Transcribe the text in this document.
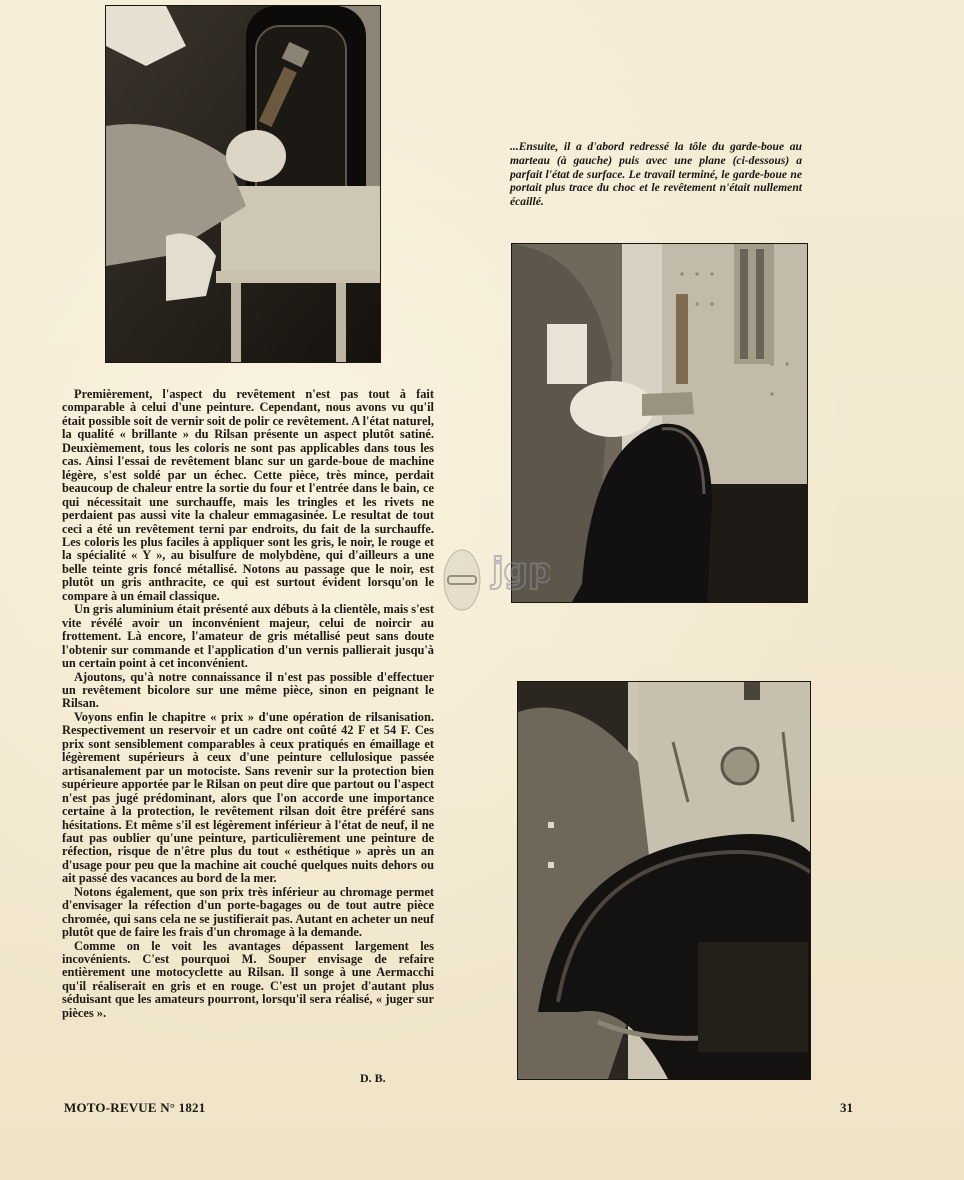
...Ensuite, il a d'abord redressé la tôle du garde-boue au marteau (à gauche) puis avec une plane (ci-dessous) a parfait l'état de surface. Le travail terminé, le garde-boue ne portait plus trace du choc et le revêtement n'était nullement écaillé.
jgp

Premièrement, l'aspect du revêtement n'est pas tout à fait comparable à celui d'une peinture. Cependant, nous avons vu qu'il était possible soit de vernir soit de polir ce revêtement. A l'état naturel, la qualité « brillante » du Rilsan présente un aspect plutôt satiné. Deuxièmement, tous les coloris ne sont pas applicables dans tous les cas. Ainsi l'essai de revêtement blanc sur un garde-boue de machine légère, s'est soldé par un échec. Cette pièce, très mince, perdait beaucoup de chaleur entre la sortie du four et l'entrée dans le bain, ce qui nécessitait une surchauffe, mais les tringles et les rivets ne perdaient pas aussi vite la chaleur emmagasinée. Le resultat de tout ceci a été un revêtement terni par endroits, du fait de la surchauffe. Les coloris les plus faciles à appliquer sont les gris, le noir, le rouge et la spécialité « Y », au bisulfure de molybdène, qui d'ailleurs a une belle teinte gris foncé métallisé. Notons au passage que le noir, est plutôt un gris anthracite, ce qui est surtout évident lorsqu'on le compare à un émail classique.

Un gris aluminium était présenté aux débuts à la clientèle, mais s'est vite révélé avoir un inconvénient majeur, celui de noircir au frottement. Là encore, l'amateur de gris métallisé peut sans doute l'obtenir sur commande et l'application d'un vernis pallierait jusqu'à un certain point à cet inconvénient.

Ajoutons, qu'à notre connaissance il n'est pas possible d'effectuer un revêtement bicolore sur une même pièce, sinon en peignant le Rilsan.

Voyons enfin le chapitre « prix » d'une opération de rilsanisation. Respectivement un reservoir et un cadre ont coûté 42 F et 54 F. Ces prix sont sensiblement comparables à ceux pratiqués en émaillage et légèrement supérieurs à ceux d'une peinture cellulosique passée artisanalement par un motociste. Sans revenir sur la protection bien supérieure apportée par le Rilsan on peut dire que partout ou l'aspect n'est pas jugé prédominant, alors que l'on accorde une importance certaine à la protection, le revêtement rilsan doit être préféré sans hésitations. Et même s'il est légèrement inférieur à l'état de neuf, il ne faut pas oublier qu'une peinture, particulièrement une peinture de réfection, risque de n'être plus du tout « esthétique » après un an d'usage pour peu que la machine ait couché quelques nuits dehors ou ait passé des vacances au bord de la mer.

Notons également, que son prix très inférieur au chromage permet d'envisager la réfection d'un porte-bagages ou de tout autre pièce chromée, qui sans cela ne se justifierait pas. Autant en acheter un neuf plutôt que de faire les frais d'un chromage à la demande.

Comme on le voit les avantages dépassent largement les incovénients. C'est pourquoi M. Souper envisage de refaire entièrement une motocyclette au Rilsan. Il songe à une Aermacchi qu'il réaliserait en gris et en rouge. C'est un projet d'autant plus séduisant que les amateurs pourront, lorsqu'il sera réalisé, « juger sur pièces ».

D. B.
MOTO-REVUE N° 1821	31
